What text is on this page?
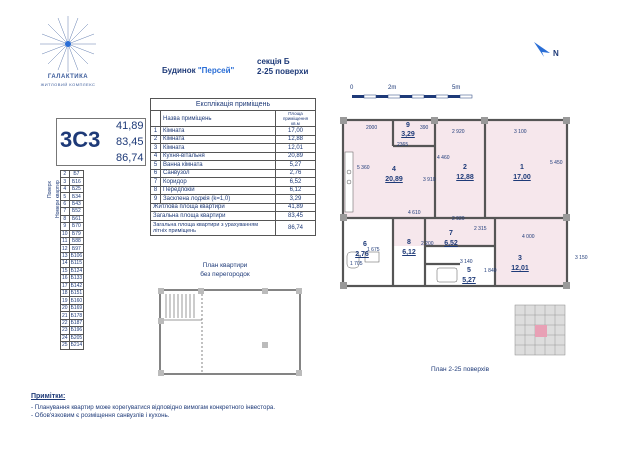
ГАЛАКТИКА
ЖИТЛОВИЙ КОМПЛЕКС
Будинок "Персей"
секція Б
2-25 поверхи
N
0	2m	5m
3С3
41,89
83,45
86,74
Експлікація приміщень		
	Назва приміщень	Площа приміщення кв.м
1	Кімната	17,00
2	Кімната	12,88
3	Кімната	12,01
4	Кухня-вітальня	20,89
5	Ванна кімната	5,27
6	Санвузол	2,76
7	Коридор	6,52
8	Передпокій	6,12
9	Засклена лоджія (k=1,0)	3,29
Житлова площа квартири		41,89
Загальна площа квартири		83,45
Загальна площа квартири з урахуванням літніх приміщень		86,74
Поверх Номери квартир
2	Б7
3	Б16
4	Б25
5	Б34
6	Б43
7	Б52
8	Б61
9	Б70
10	Б79
11	Б88
12	Б97
13	Б106
14	Б115
15	Б124
16	Б133
17	Б142
18	Б151
19	Б160
20	Б169
21	Б178
22	Б187
23	Б196
24	Б205
25	Б214
План квартири
без перегородок
9
3,29
4
20,89
2
12,88
1
17,00
6
2,76
8
6,12
7
6,52
5
5,27
3
12,01
2000
2 920	3 100
2365
390
5 360
4 460
3 910
5 450
4 610
2 920
2 315
4 000
1 675
2 200
3 150
1 705	3 140
1 840
План 2-25 поверхів
Примітки:
- Планування квартир може корегуватися відповідно вимогам конкретного інвестора.
- Обов'язковим є розміщення санвузлів і кухонь.
